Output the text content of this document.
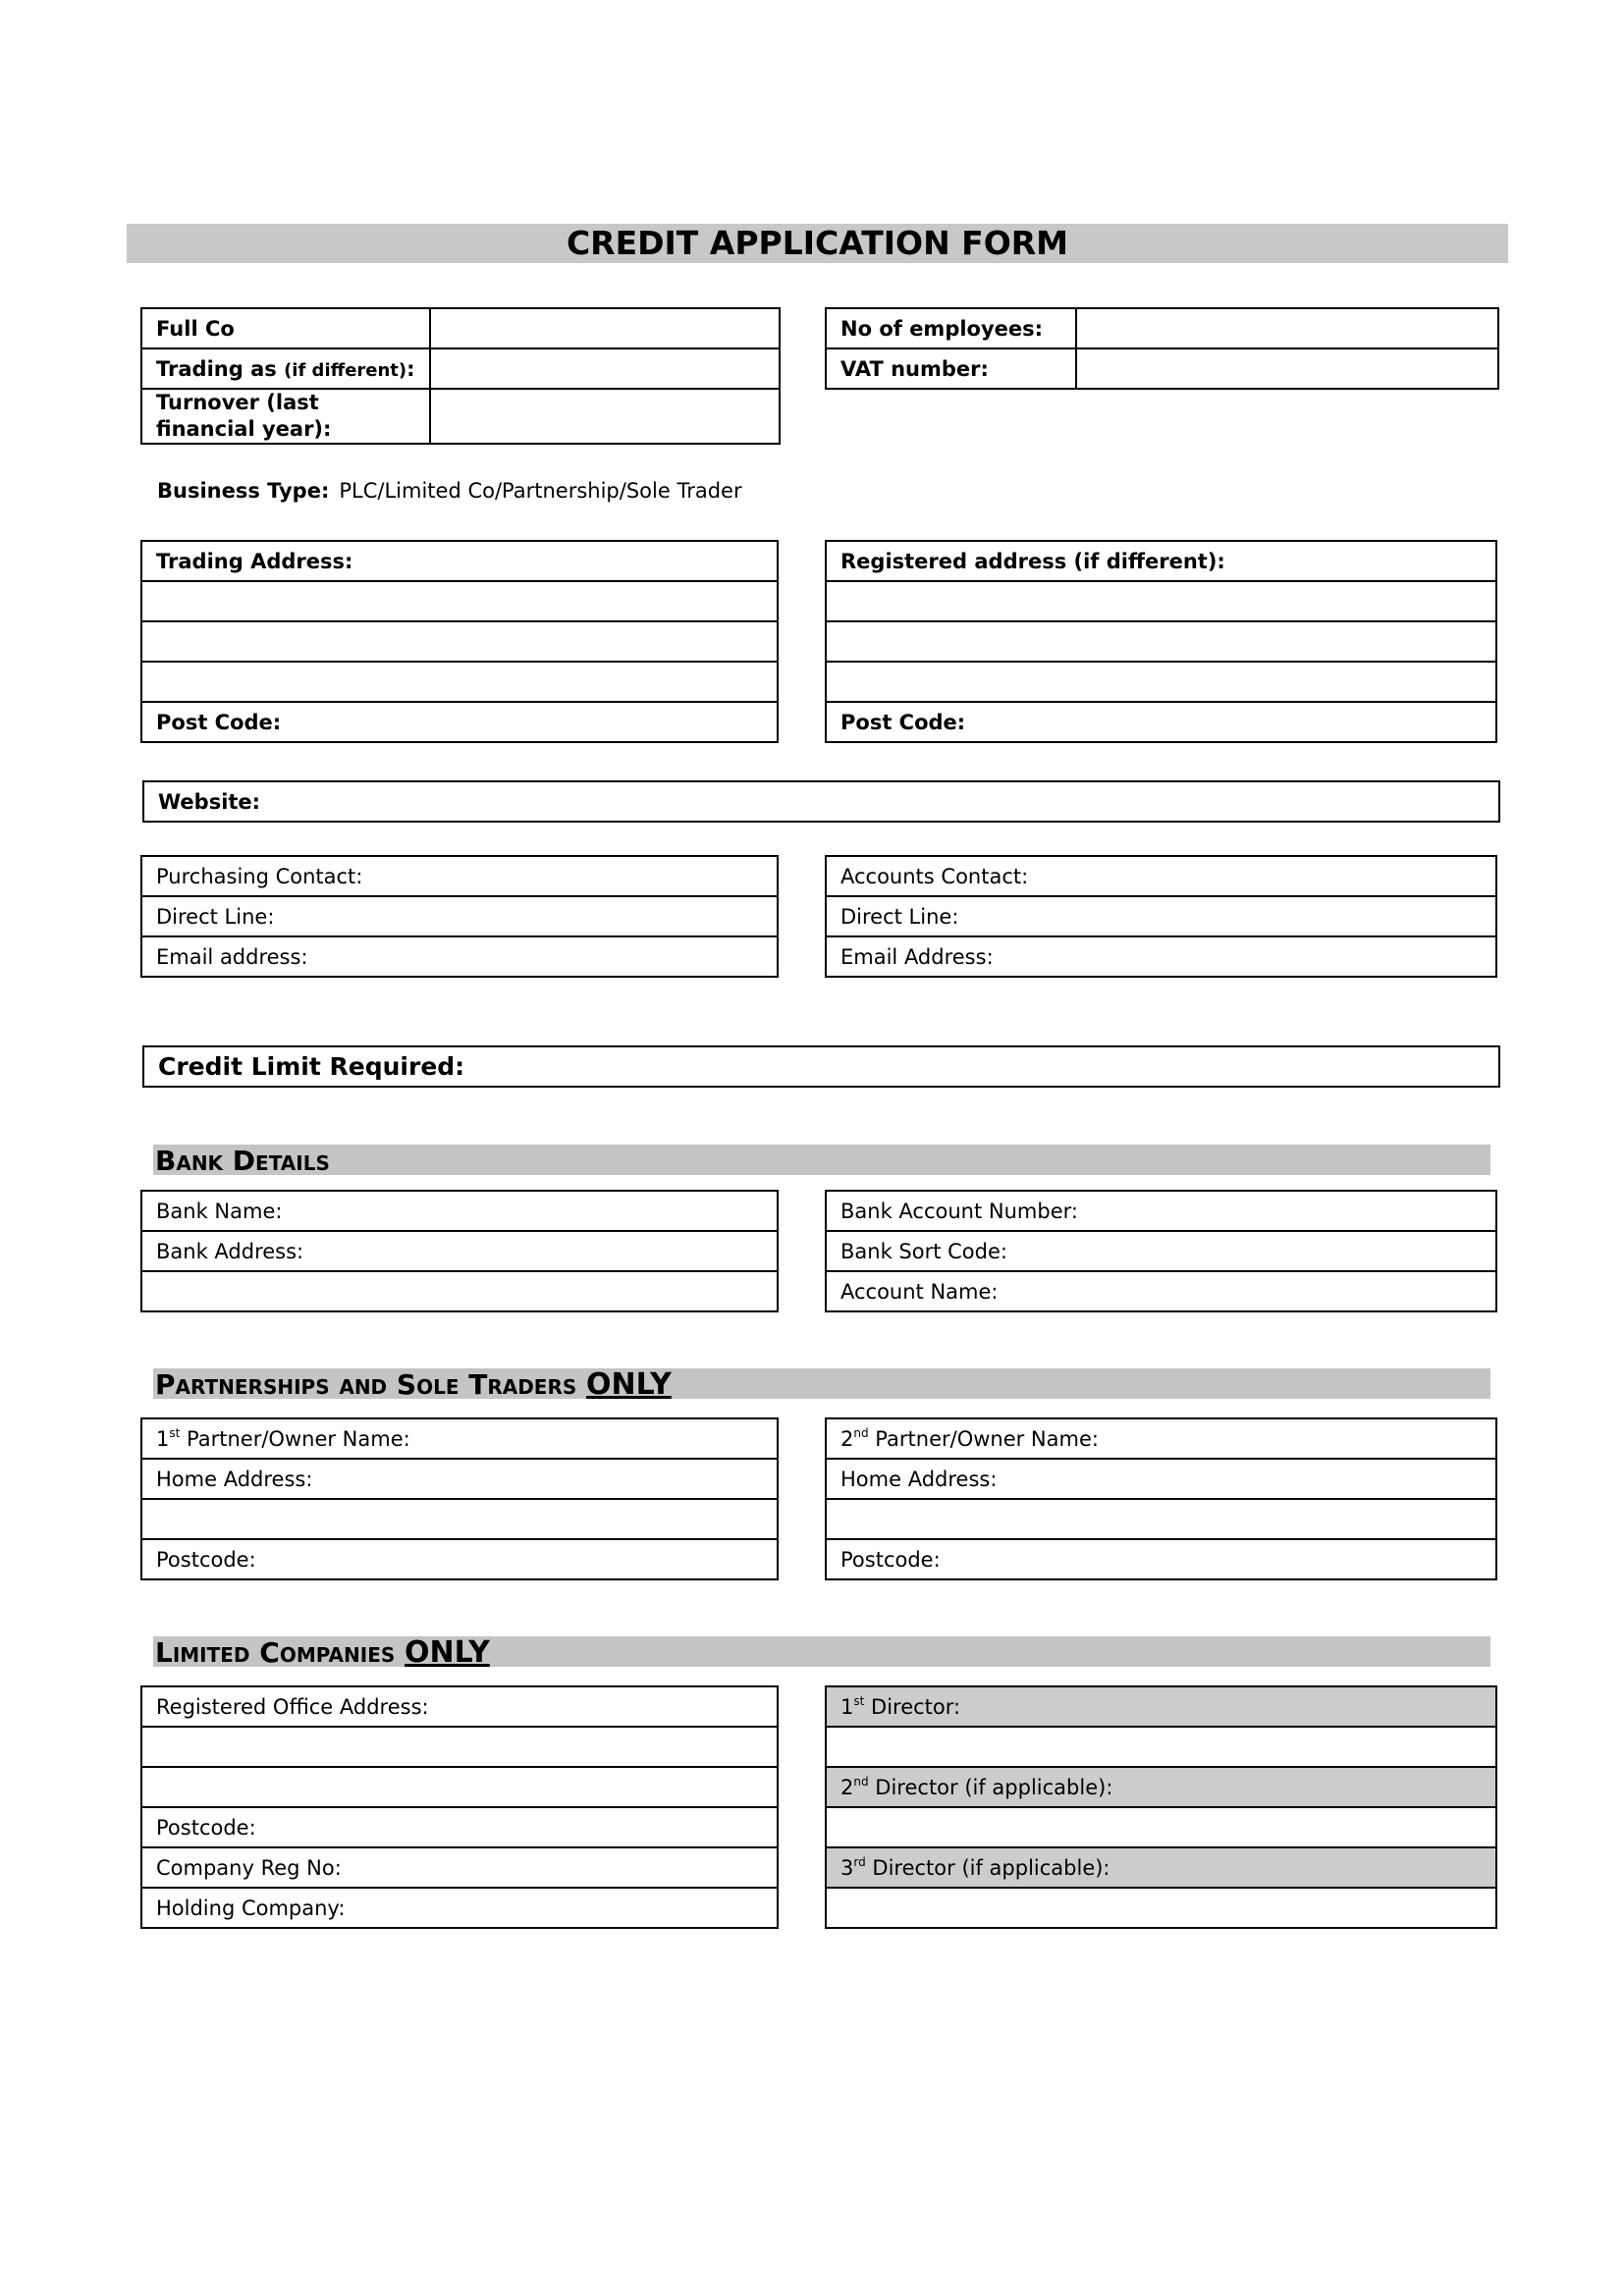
CREDIT APPLICATION FORM
Full Co	
Trading as (if different):	
Turnover (last financial year):	
No of employees:	
VAT number:	
Business Type: PLC/Limited Co/Partnership/Sole Trader
Trading Address:

Post Code:
Registered address (if different):

Post Code:
Website:
Purchasing Contact:
Direct Line:
Email address:
Accounts Contact:
Direct Line:
Email Address:
Credit Limit Required:
Bank Details
Bank Name:
Bank Address:

Bank Account Number:
Bank Sort Code:
Account Name:
Partnerships and Sole Traders ONLY
1st Partner/Owner Name:
Home Address:

Postcode:
2nd Partner/Owner Name:
Home Address:

Postcode:
Limited Companies ONLY
Registered Office Address:

Postcode:
Company Reg No:
Holding Company:
1st Director:

2nd Director (if applicable):

3rd Director (if applicable):
